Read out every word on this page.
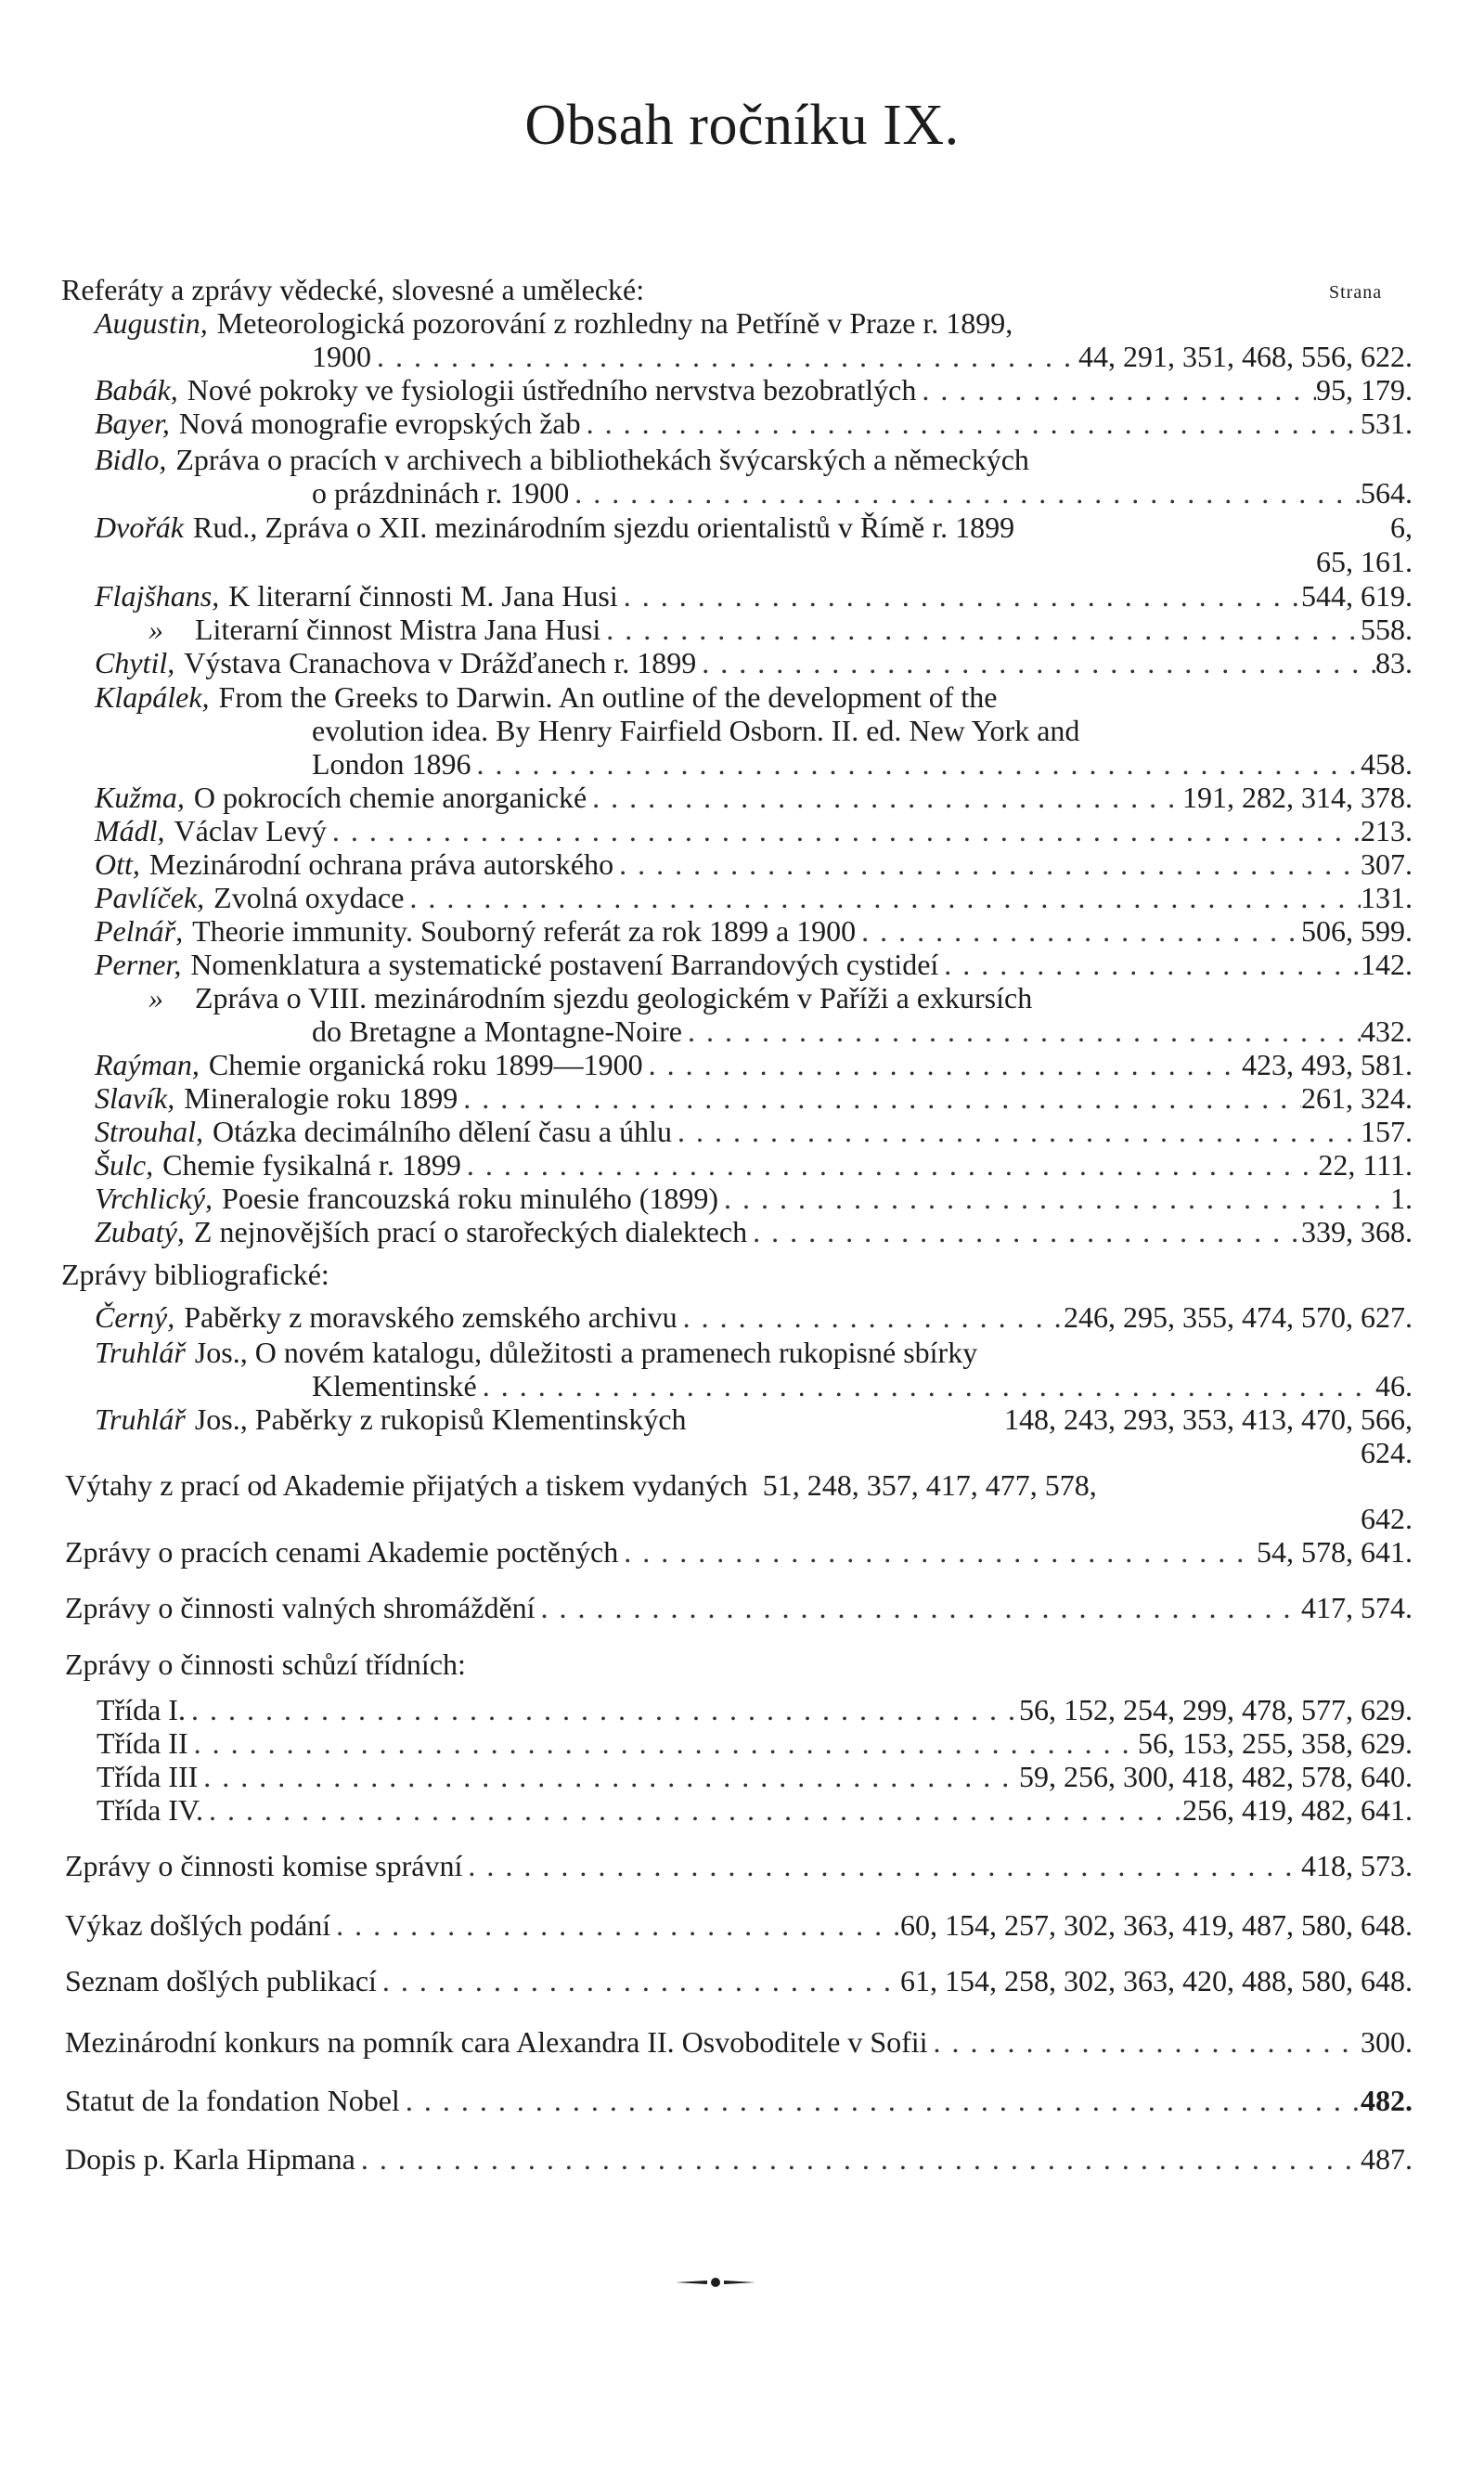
Obsah ročníku IX.
Referáty a zprávy vědecké, slovesné a umělecké:	Strana
Augustin, Meteorologická pozorování z rozhledny na Petříně v Praze r. 1899,
1900 . . .	44, 291, 351, 468, 556, 622.
Babák, Nové pokroky ve fysiologii ústředního nervstva bezobratlých . . .	95, 179.
Bayer, Nová monografie evropských žab . . .	531.
Bidlo, Zpráva o pracích v archivech a bibliothekách švýcarských a německých
o prázdninách r. 1900 . . .	564.
Dvořák Rud., Zpráva o XII. mezinárodním sjezdu orientalistů v Římě r. 1899	6,
65, 161.
Flajšhans, K literarní činnosti M. Jana Husi . . .	544, 619.
» Literarní činnost Mistra Jana Husi . . .	558.
Chytil, Výstava Cranachova v Drážďanech r. 1899 . . .	83.
Klapálek, From the Greeks to Darwin. An outline of the development of the
evolution idea. By Henry Fairfield Osborn. II. ed. New York and
London 1896 . . .	458.
Kužma, O pokrocích chemie anorganické . . .	191, 282, 314, 378.
Mádl, Václav Levý . . .	213.
Ott, Mezinárodní ochrana práva autorského . . .	307.
Pavlíček, Zvolná oxydace . . .	131.
Pelnář, Theorie immunity. Souborný referát za rok 1899 a 1900 . . .	506, 599.
Perner, Nomenklatura a systematické postavení Barrandových cystideí . . .	142.
» Zpráva o VIII. mezinárodním sjezdu geologickém v Paříži a exkursích
do Bretagne a Montagne-Noire . . .	432.
Raýman, Chemie organická roku 1899—1900 . . .	423, 493, 581.
Slavík, Mineralogie roku 1899 . . .	261, 324.
Strouhal, Otázka decimálního dělení času a úhlu . . .	157.
Šulc, Chemie fysikalná r. 1899 . . .	22, 111.
Vrchlický, Poesie francouzská roku minulého (1899) . . .	1.
Zubatý, Z nejnovějších prací o starořeckých dialektech . . .	339, 368.
Zprávy bibliografické:
Černý, Paběrky z moravského zemského archivu . . .	246, 295, 355, 474, 570, 627.
Truhlář Jos., O novém katalogu, důležitosti a pramenech rukopisné sbírky
Klementinské . . .	46.
Truhlář Jos., Paběrky z rukopisů Klementinských	148, 243, 293, 353, 413, 470, 566,
624.
Výtahy z prací od Akademie přijatých a tiskem vydaných 51, 248, 357, 417, 477, 578,
642.
Zprávy o pracích cenami Akademie poctěných . . .	54, 578, 641.
Zprávy o činnosti valných shromáždění . . .	417, 574.
Zprávy o činnosti schůzí třídních:
Třída I. . . .	56, 152, 254, 299, 478, 577, 629.
Třída II . . .	56, 153, 255, 358, 629.
Třída III . . .	59, 256, 300, 418, 482, 578, 640.
Třída IV. . . .	256, 419, 482, 641.
Zprávy o činnosti komise správní . . .	418, 573.
Výkaz došlých podání . . .	60, 154, 257, 302, 363, 419, 487, 580, 648.
Seznam došlých publikací . . .	61, 154, 258, 302, 363, 420, 488, 580, 648.
Mezinárodní konkurs na pomník cara Alexandra II. Osvoboditele v Sofii . . .	300.
Statut de la fondation Nobel . . .	482.
Dopis p. Karla Hipmana . . .	487.
